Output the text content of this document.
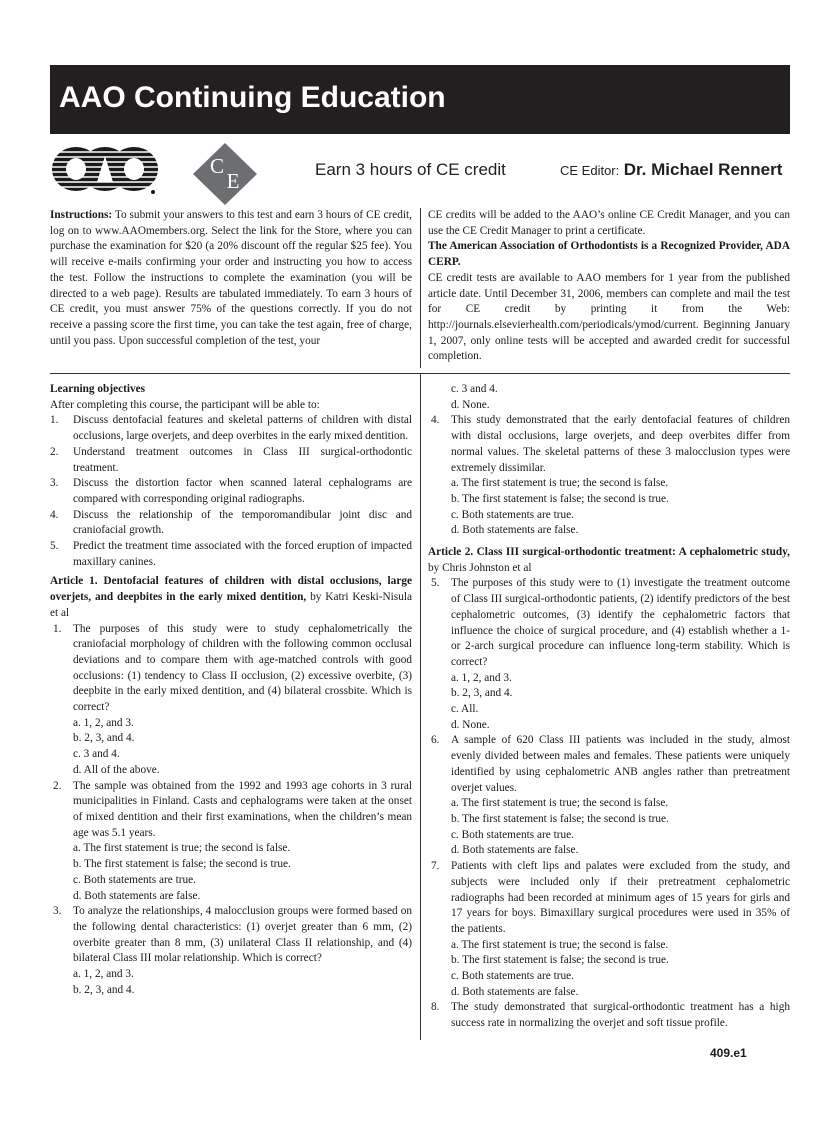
AAO Continuing Education
C
E	Earn 3 hours of CE credit	CE Editor: Dr. Michael Rennert

Instructions: To submit your answers to this test and earn 3 hours of CE credit, log on to www.AAOmembers.org. Select the link for the Store, where you can purchase the examination for $20 (a 20% discount off the regular $25 fee). You will receive e-mails confirming your order and instructing you how to access the test. Follow the instructions to complete the examination (you will be directed to a web page). Results are tabulated immediately. To earn 3 hours of CE credit, you must answer 75% of the questions correctly. If you do not receive a passing score the first time, you can take the test again, free of charge, until you pass. Upon successful completion of the test, your

CE credits will be added to the AAO’s online CE Credit Manager, and you can use the CE Credit Manager to print a certificate.

The American Association of Orthodontists is a Recognized Provider, ADA CERP.

CE credit tests are available to AAO members for 1 year from the published article date. Until December 31, 2006, members can complete and mail the test for CE credit by printing it from the Web: http://journals.elsevierhealth.com/periodicals/ymod/current. Beginning January 1, 2007, only online tests will be accepted and awarded credit for successful completion.

Learning objectives

After completing this course, the participant will be able to:

1. Discuss dentofacial features and skeletal patterns of children with distal occlusions, large overjets, and deep overbites in the early mixed dentition.
2. Understand treatment outcomes in Class III surgical-orthodontic treatment.
3. Discuss the distortion factor when scanned lateral cephalograms are compared with corresponding original radiographs.
4. Discuss the relationship of the temporomandibular joint disc and craniofacial growth.
5. Predict the treatment time associated with the forced eruption of impacted maxillary canines.

Article 1. Dentofacial features of children with distal occlusions, large overjets, and deepbites in the early mixed dentition, by Katri Keski-Nisula et al

1. The purposes of this study were to study cephalometrically the craniofacial morphology of children with the following common occlusal deviations and to compare them with age-matched controls with good occlusions: (1) tendency to Class II occlusion, (2) excessive overbite, (3) deepbite in the early mixed dentition, and (4) bilateral crossbite. Which is correct?

a. 1, 2, and 3.

b. 2, 3, and 4.

c. 3 and 4.

d. All of the above.

2. The sample was obtained from the 1992 and 1993 age cohorts in 3 rural municipalities in Finland. Casts and cephalograms were taken at the onset of mixed dentition and their first examinations, when the children’s mean age was 5.1 years.

a. The first statement is true; the second is false.

b. The first statement is false; the second is true.

c. Both statements are true.

d. Both statements are false.

3. To analyze the relationships, 4 malocclusion groups were formed based on the following dental characteristics: (1) overjet greater than 6 mm, (2) overbite greater than 8 mm, (3) unilateral Class II relationship, and (4) bilateral Class III molar relationship. Which is correct?

a. 1, 2, and 3.

b. 2, 3, and 4.

c. 3 and 4.

d. None.

4. This study demonstrated that the early dentofacial features of children with distal occlusions, large overjets, and deep overbites differ from normal values. The skeletal patterns of these 3 malocclusion types were extremely dissimilar.

a. The first statement is true; the second is false.

b. The first statement is false; the second is true.

c. Both statements are true.

d. Both statements are false.

Article 2. Class III surgical-orthodontic treatment: A cephalometric study, by Chris Johnston et al

5. The purposes of this study were to (1) investigate the treatment outcome of Class III surgical-orthodontic patients, (2) identify predictors of the best cephalometric outcomes, (3) identify the cephalometric factors that influence the choice of surgical procedure, and (4) establish whether a 1- or 2-arch surgical procedure can influence long-term stability. Which is correct?

a. 1, 2, and 3.

b. 2, 3, and 4.

c. All.

d. None.

6. A sample of 620 Class III patients was included in the study, almost evenly divided between males and females. These patients were uniquely identified by using cephalometric ANB angles rather than pretreatment overjet values.

a. The first statement is true; the second is false.

b. The first statement is false; the second is true.

c. Both statements are true.

d. Both statements are false.

7. Patients with cleft lips and palates were excluded from the study, and subjects were included only if their pretreatment cephalometric radiographs had been recorded at minimum ages of 15 years for girls and 17 years for boys. Bimaxillary surgical procedures were used in 35% of the patients.

a. The first statement is true; the second is false.

b. The first statement is false; the second is true.

c. Both statements are true.

d. Both statements are false.

8. The study demonstrated that surgical-orthodontic treatment has a high success rate in normalizing the overjet and soft tissue profile.

409.e1
